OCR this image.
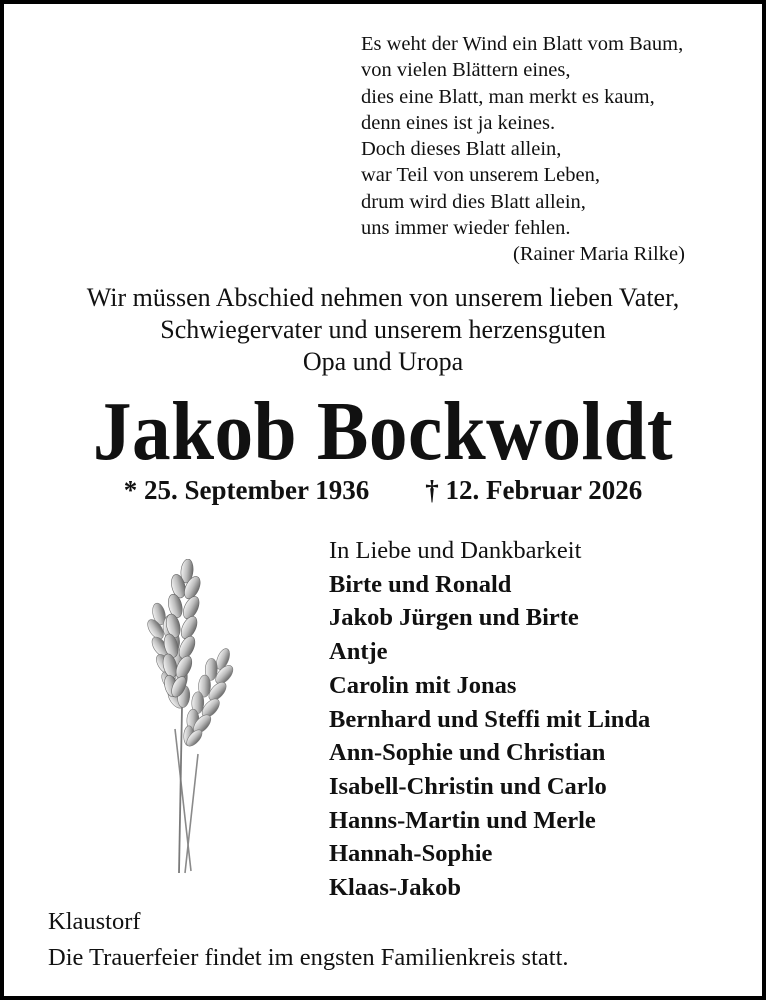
Es weht der Wind ein Blatt vom Baum,
von vielen Blättern eines,
dies eine Blatt, man merkt es kaum,
denn eines ist ja keines.
Doch dieses Blatt allein,
war Teil von unserem Leben,
drum wird dies Blatt allein,
uns immer wieder fehlen.
(Rainer Maria Rilke)
Wir müssen Abschied nehmen von unserem lieben Vater,
Schwiegervater und unserem herzensguten
Opa und Uropa
Jakob Bockwoldt
* 25. September 1936 † 12. Februar 2026
In Liebe und Dankbarkeit
Birte und Ronald
Jakob Jürgen und Birte
Antje
Carolin mit Jonas
Bernhard und Steffi mit Linda
Ann-Sophie und Christian
Isabell-Christin und Carlo
Hanns-Martin und Merle
Hannah-Sophie
Klaas-Jakob
Klaustorf
Die Trauerfeier findet im engsten Familienkreis statt.
